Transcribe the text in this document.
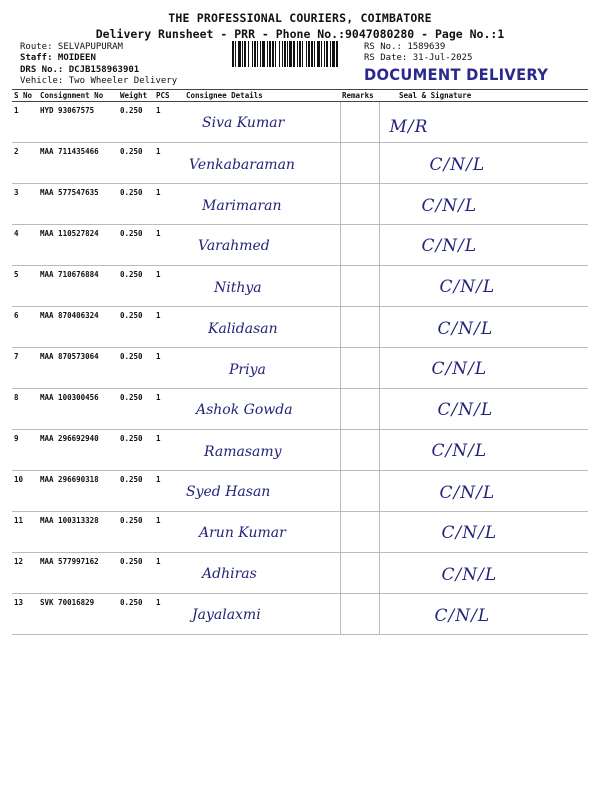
THE PROFESSIONAL COURIERS, COIMBATORE
Delivery Runsheet - PRR - Phone No.:9047080280 - Page No.:1
Route: SELVAPUPURAM
Staff: MOIDEEN
DRS No.: DCJB158963901
Vehicle: Two Wheeler Delivery
RS No.: 1589639
RS Date: 31-Jul-2025
DOCUMENT DELIVERY
S No	Consignment No	Weight	PCS	Consignee Details	Remarks	Seal & Signature
1	HYD 93067575	0.250	1	Siva Kumar		M/R

2	MAA 711435466	0.250	1	Venkabaraman		C/N/L

3	MAA 577547635	0.250	1	Marimaran		C/N/L

4	MAA 110527824	0.250	1	Varahmed		C/N/L

5	MAA 710676884	0.250	1	Nithya		C/N/L

6	MAA 870406324	0.250	1	Kalidasan		C/N/L

7	MAA 870573064	0.250	1	Priya		C/N/L

8	MAA 100300456	0.250	1	Ashok Gowda		C/N/L

9	MAA 296692940	0.250	1	Ramasamy		C/N/L

10	MAA 296690318	0.250	1	Syed Hasan		C/N/L

11	MAA 100313328	0.250	1	Arun Kumar		C/N/L

12	MAA 577997162	0.250	1	Adhiras		C/N/L

13	SVK 70016829	0.250	1	Jayalaxmi		C/N/L
